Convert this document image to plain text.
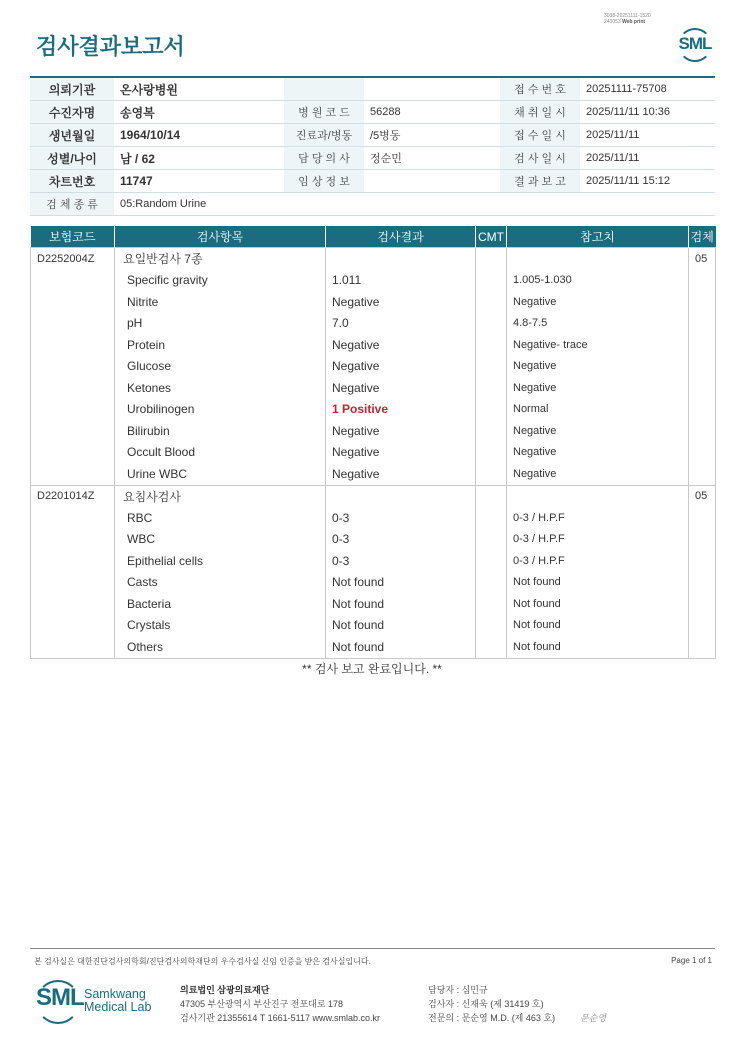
검사결과보고서
3038-20251111-1520
240053 Web print
SML
의뢰기관	온사랑병원			접 수 번 호	20251111-75708
수진자명	송영복	병 원 코 드	56288	채 취 일 시	2025/11/11 10:36
생년월일	1964/10/14	진료과/병동	/5병동	접 수 일 시	2025/11/11
성별/나이	남 / 62	담 당 의 사	정순민	검 사 일 시	2025/11/11
차트번호	11747	임 상 정 보		결 과 보 고	2025/11/11 15:12
검 체 종 류	05:Random Urine				
보험코드	검사항목	검사결과	CMT	참고치	검체
D2252004Z	요일반검사 7종				05
	Specific gravity	1.011		1.005-1.030	
	Nitrite	Negative		Negative	
	pH	7.0		4.8-7.5	
	Protein	Negative		Negative- trace	
	Glucose	Negative		Negative	
	Ketones	Negative		Negative	
	Urobilinogen	1 Positive		Normal	
	Bilirubin	Negative		Negative	
	Occult Blood	Negative		Negative	
	Urine WBC	Negative		Negative	
D2201014Z	요침사검사				05
	RBC	0-3		0-3 / H.P.F	
	WBC	0-3		0-3 / H.P.F	
	Epithelial cells	0-3		0-3 / H.P.F	
	Casts	Not found		Not found	
	Bacteria	Not found		Not found	
	Crystals	Not found		Not found	
	Others	Not found		Not found	
** 검사 보고 완료입니다. **
본 검사실은 대한진단검사의학회/진단검사의학재단의 우수검사실 신임 인증을 받은 검사실입니다.	Page 1 of 1
SML Samkwang
Medical Lab
의료법인 삼광의료재단
47305 부산광역시 부산진구 전포대로 178
검사기관 21355614 T 1661-5117 www.smlab.co.kr
담당자 : 심민규
검사자 : 신재욱 (제 31419 호)
전문의 : 문순영 M.D. (제 463 호)	문순영
